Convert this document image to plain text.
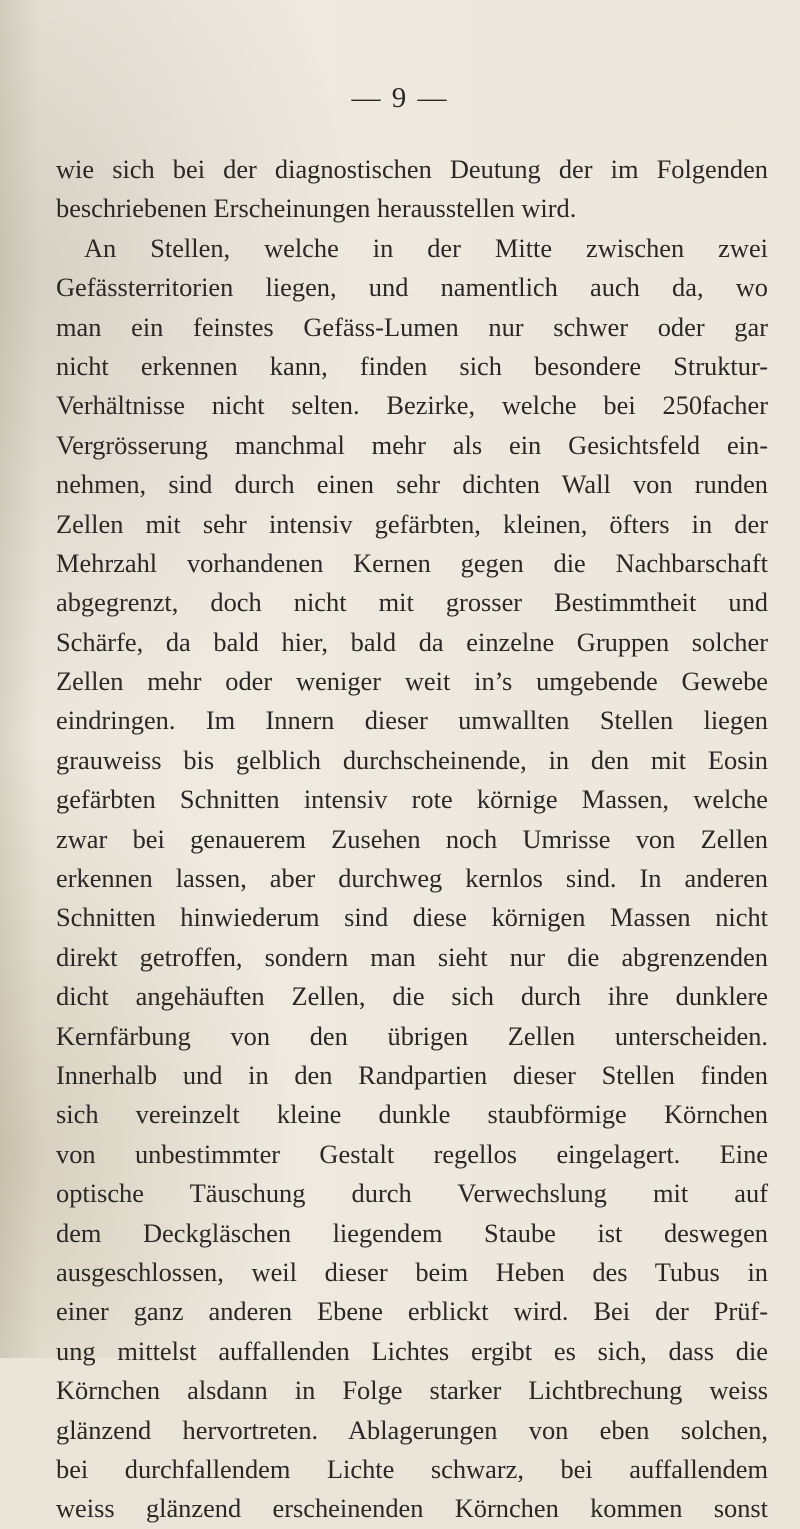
— 9 —
wie sich bei der diagnostischen Deutung der im Folgenden
beschriebenen Erscheinungen herausstellen wird.
An Stellen, welche in der Mitte zwischen zwei
Gefässterritorien liegen, und namentlich auch da, wo
man ein feinstes Gefäss-Lumen nur schwer oder gar
nicht erkennen kann, finden sich besondere Struktur-
Verhältnisse nicht selten. Bezirke, welche bei 250facher
Vergrösserung manchmal mehr als ein Gesichtsfeld ein-
nehmen, sind durch einen sehr dichten Wall von runden
Zellen mit sehr intensiv gefärbten, kleinen, öfters in der
Mehrzahl vorhandenen Kernen gegen die Nachbarschaft
abgegrenzt, doch nicht mit grosser Bestimmtheit und
Schärfe, da bald hier, bald da einzelne Gruppen solcher
Zellen mehr oder weniger weit in’s umgebende Gewebe
eindringen. Im Innern dieser umwallten Stellen liegen
grauweiss bis gelblich durchscheinende, in den mit Eosin
gefärbten Schnitten intensiv rote körnige Massen, welche
zwar bei genauerem Zusehen noch Umrisse von Zellen
erkennen lassen, aber durchweg kernlos sind. In anderen
Schnitten hinwiederum sind diese körnigen Massen nicht
direkt getroffen, sondern man sieht nur die abgrenzenden
dicht angehäuften Zellen, die sich durch ihre dunklere
Kernfärbung von den übrigen Zellen unterscheiden.
Innerhalb und in den Randpartien dieser Stellen finden
sich vereinzelt kleine dunkle staubförmige Körnchen
von unbestimmter Gestalt regellos eingelagert. Eine
optische Täuschung durch Verwechslung mit auf
dem Deckgläschen liegendem Staube ist deswegen
ausgeschlossen, weil dieser beim Heben des Tubus in
einer ganz anderen Ebene erblickt wird. Bei der Prüf-
ung mittelst auffallenden Lichtes ergibt es sich, dass die
Körnchen alsdann in Folge starker Lichtbrechung weiss
glänzend hervortreten. Ablagerungen von eben solchen,
bei durchfallendem Lichte schwarz, bei auffallendem
weiss glänzend erscheinenden Körnchen kommen sonst
